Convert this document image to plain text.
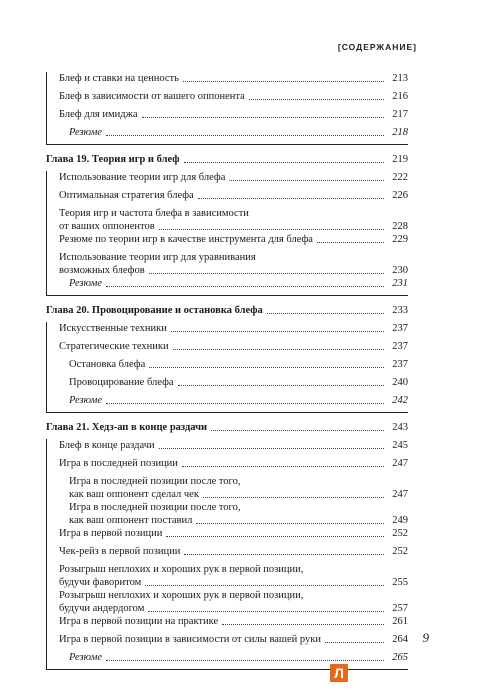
[СОДЕРЖАНИЕ]
Блеф и ставки на ценность	213
Блеф в зависимости от вашего оппонента	216
Блеф для имиджа	217
Резюме	218
Глава 19. Теория игр и блеф	219
Использование теории игр для блефа	222
Оптимальная стратегия блефа	226
Теория игр и частота блефа в зависимости
от ваших оппонентов	228
Резюме по теории игр в качестве инструмента для блефа	229
Использование теории игр для уравнивания
возможных блефов	230
Резюме	231
Глава 20. Провоцирование и остановка блефа	233
Искусственные техники	237
Стратегические техники	237
Остановка блефа	237
Провоцирование блефа	240
Резюме	242
Глава 21. Хедз-ап в конце раздачи	243
Блеф в конце раздачи	245
Игра в последней позиции	247
Игра в последней позиции после того,
как ваш оппонент сделал чек	247
Игра в последней позиции после того,
как ваш оппонент поставил	249
Игра в первой позиции	252
Чек-рейз в первой позиции	252
Розыгрыш неплохих и хороших рук в первой позиции,
будучи фаворитом	255
Розыгрыш неплохих и хороших рук в первой позиции,
будучи андердогом	257
Игра в первой позиции на практике	261
Игра в первой позиции в зависимости от силы вашей руки	264
Резюме	265
9
Л
